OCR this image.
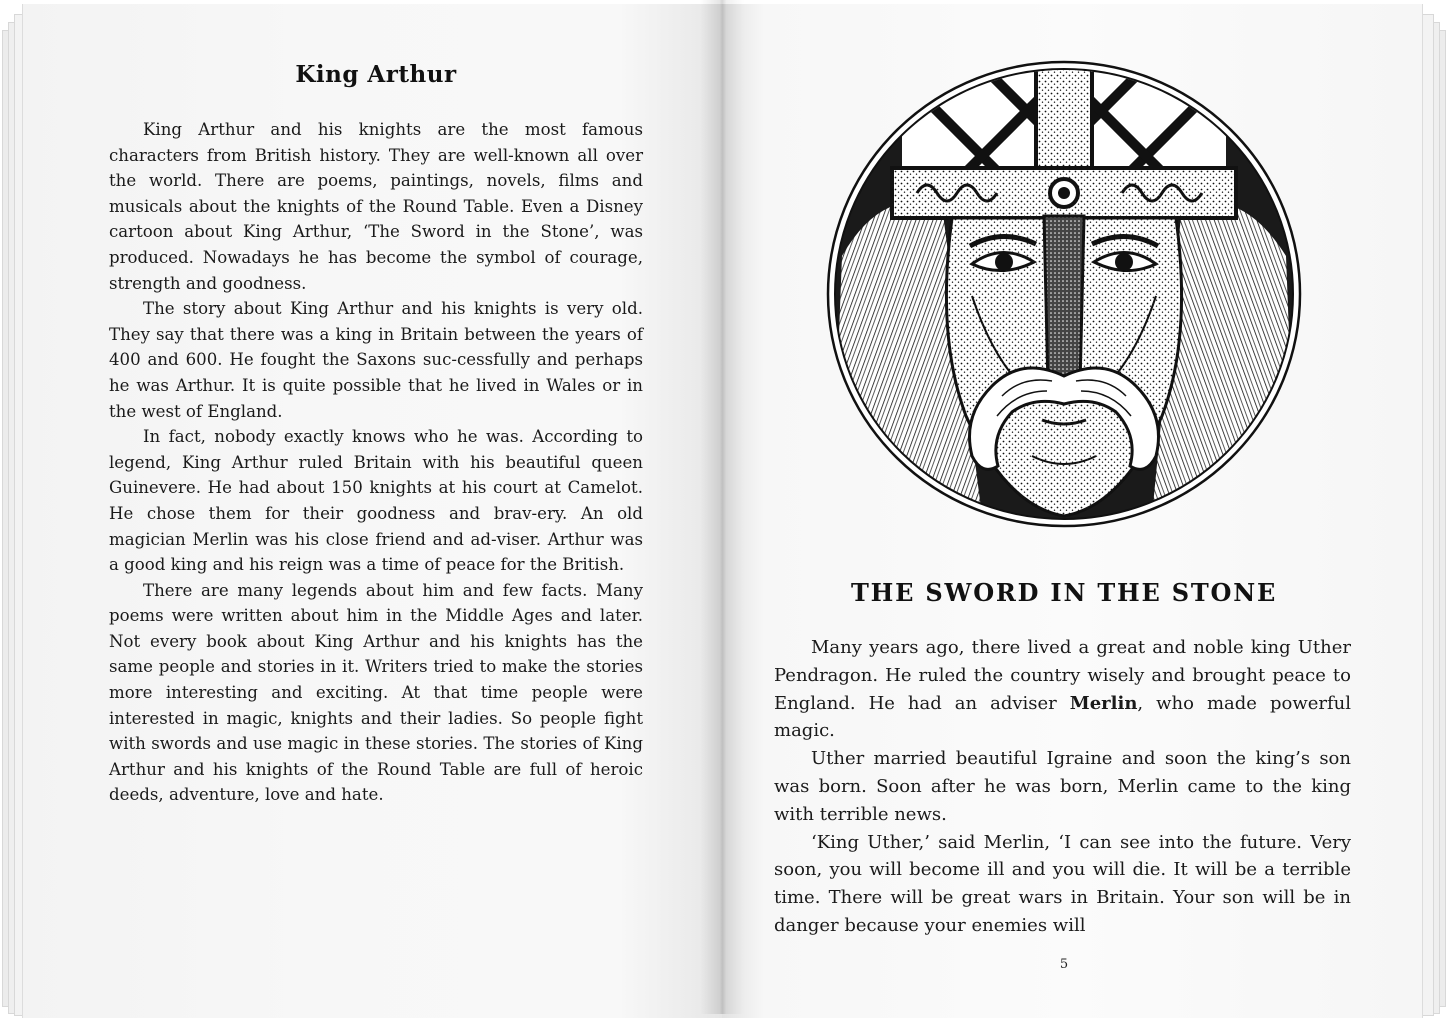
King Arthur

King Arthur and his knights are the most famous characters from British history. They are well-known all over the world. There are poems, paintings, novels, films and musicals about the knights of the Round Table. Even a Disney cartoon about King Arthur, ‘The Sword in the Stone’, was produced. Nowadays he has become the symbol of courage, strength and goodness.

The story about King Arthur and his knights is very old. They say that there was a king in Britain between the years of 400 and 600. He fought the Saxons suc-cessfully and perhaps he was Arthur. It is quite possible that he lived in Wales or in the west of England.

In fact, nobody exactly knows who he was. According to legend, King Arthur ruled Britain with his beautiful queen Guinevere. He had about 150 knights at his court at Camelot. He chose them for their goodness and brav-ery. An old magician Merlin was his close friend and ad-viser. Arthur was a good king and his reign was a time of peace for the British.

There are many legends about him and few facts. Many poems were written about him in the Middle Ages and later. Not every book about King Arthur and his knights has the same people and stories in it. Writers tried to make the stories more interesting and exciting. At that time people were interested in magic, knights and their ladies. So people fight with swords and use magic in these stories. The stories of King Arthur and his knights of the Round Table are full of heroic deeds, adventure, love and hate.

THE SWORD IN THE STONE

Many years ago, there lived a great and noble king Uther Pendragon. He ruled the country wisely and brought peace to England. He had an adviser Merlin, who made powerful magic.

Uther married beautiful Igraine and soon the king’s son was born. Soon after he was born, Merlin came to the king with terrible news.

‘King Uther,’ said Merlin, ‘I can see into the future. Very soon, you will become ill and you will die. It will be a terrible time. There will be great wars in Britain. Your son will be in danger because your enemies will

5
